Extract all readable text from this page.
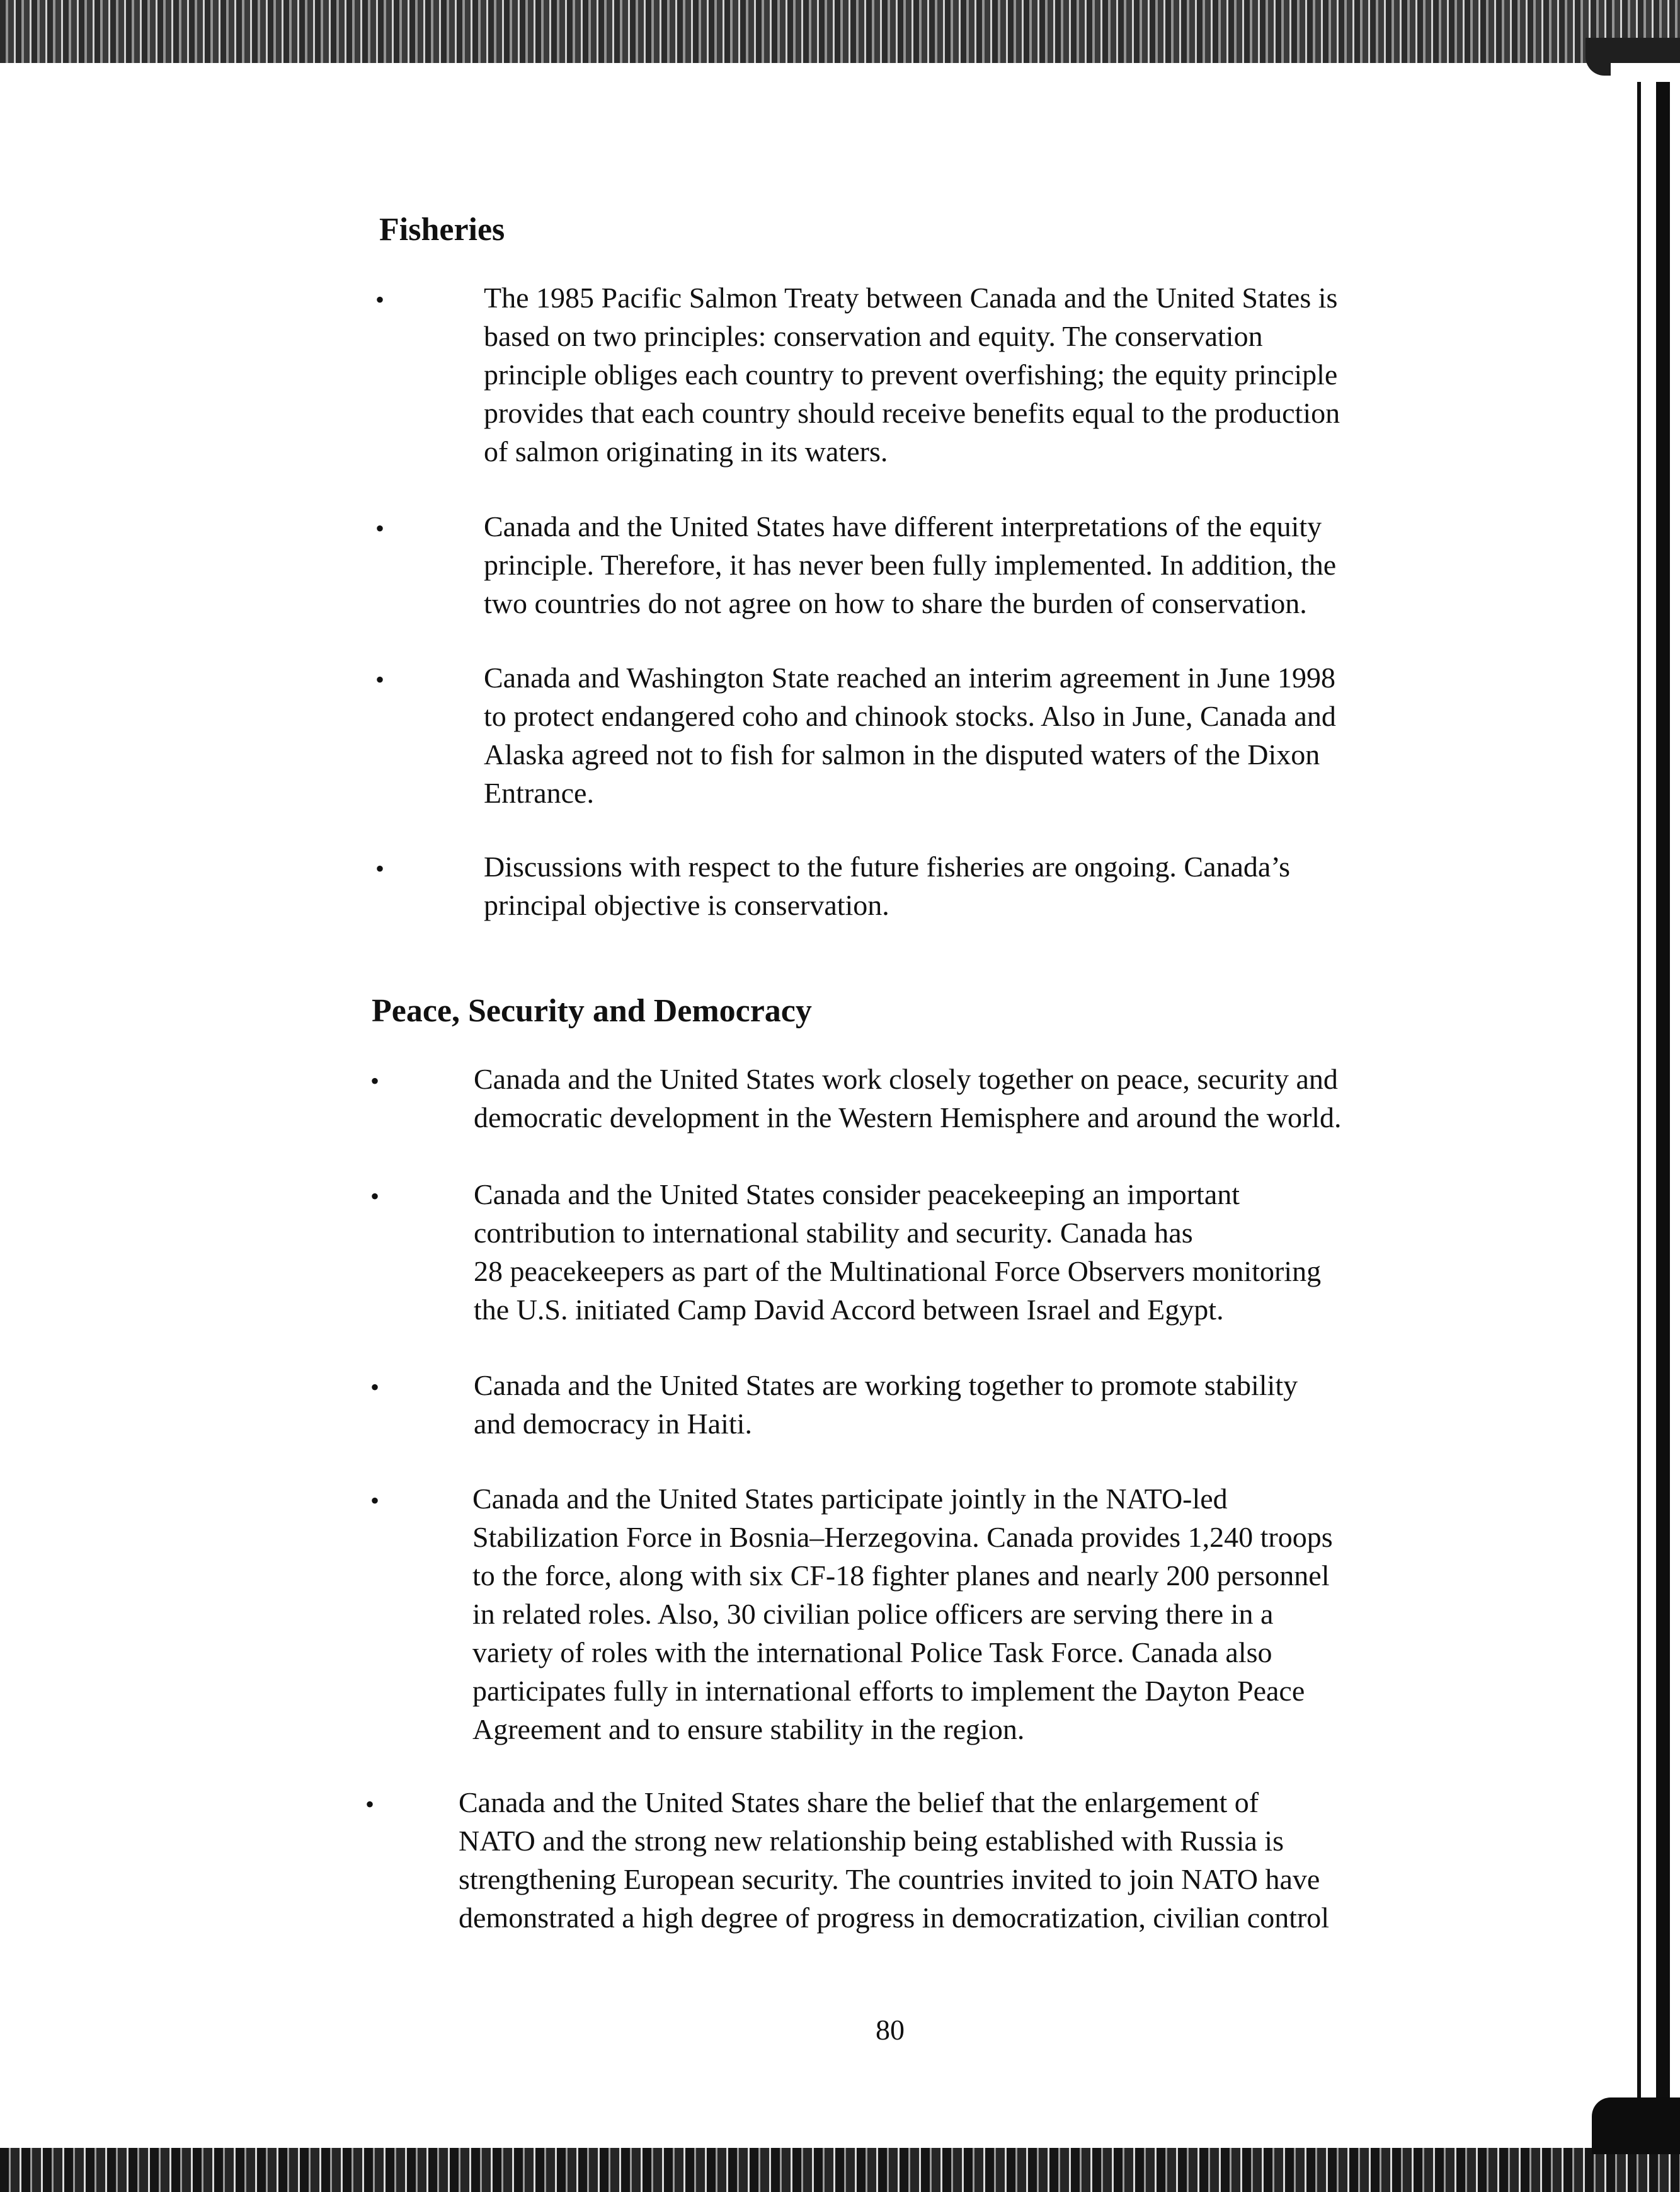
Fisheries
•	The 1985 Pacific Salmon Treaty between Canada and the United States is
based on two principles: conservation and equity. The conservation
principle obliges each country to prevent overfishing; the equity principle
provides that each country should receive benefits equal to the production
of salmon originating in its waters.
•	Canada and the United States have different interpretations of the equity
principle. Therefore, it has never been fully implemented. In addition, the
two countries do not agree on how to share the burden of conservation.
•	Canada and Washington State reached an interim agreement in June 1998
to protect endangered coho and chinook stocks. Also in June, Canada and
Alaska agreed not to fish for salmon in the disputed waters of the Dixon
Entrance.
•	Discussions with respect to the future fisheries are ongoing. Canada’s
principal objective is conservation.
Peace, Security and Democracy
•	Canada and the United States work closely together on peace, security and
democratic development in the Western Hemisphere and around the world.
•	Canada and the United States consider peacekeeping an important
contribution to international stability and security. Canada has
28 peacekeepers as part of the Multinational Force Observers monitoring
the U.S. initiated Camp David Accord between Israel and Egypt.
•	Canada and the United States are working together to promote stability
and democracy in Haiti.
•	Canada and the United States participate jointly in the NATO-led
Stabilization Force in Bosnia–Herzegovina. Canada provides 1,240 troops
to the force, along with six CF-18 fighter planes and nearly 200 personnel
in related roles. Also, 30 civilian police officers are serving there in a
variety of roles with the international Police Task Force. Canada also
participates fully in international efforts to implement the Dayton Peace
Agreement and to ensure stability in the region.
•	Canada and the United States share the belief that the enlargement of
NATO and the strong new relationship being established with Russia is
strengthening European security. The countries invited to join NATO have
demonstrated a high degree of progress in democratization, civilian control
80
